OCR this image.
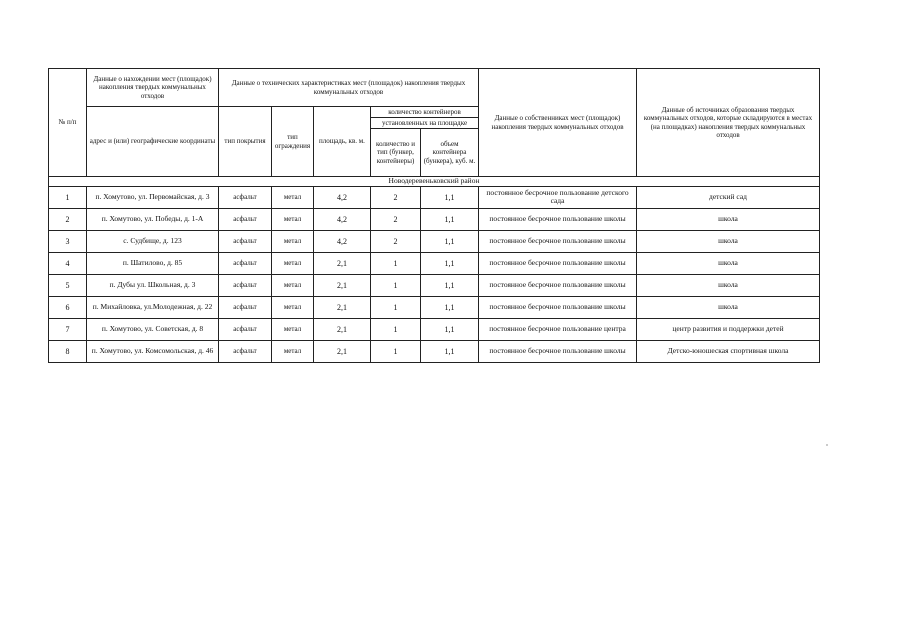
№ п/п	Данные о нахождении мест (площадок) накопления твердых коммунальных отходов	Данные о технических характеристиках мест (площадок) накопления твердых коммунальных отходов					Данные о собственниках мест (площадок) накопления твердых коммунальных отходов	Данные об источниках образования твердых коммунальных отходов, которые складируются в местах (на площадках) накопления твердых коммунальных отходов
	адрес и (или) географические координаты	тип покрытия	тип ограждения	площадь, кв. м.	количество контейнеров			
					установленных на площадке			
					количество и тип (бункер, контейнеры)	объем контейнера (бункера), куб. м.		
Новодеревеньковский район								
1	п. Хомутово, ул. Первомайская, д. 3	асфальт	метал	4,2	2	1,1	постоянное бесрочное пользование детского сада	детский сад
2	п. Хомутово, ул. Победы, д. 1-А	асфальт	метал	4,2	2	1,1	постоянное бесрочное пользование школы	школа
3	с. Судбище, д. 123	асфальт	метал	4,2	2	1,1	постоянное бесрочное пользование школы	школа
4	п. Шатилово, д. 85	асфальт	метал	2,1	1	1,1	постоянное бесрочное пользование школы	школа
5	п. Дубы ул. Школьная, д. 3	асфальт	метал	2,1	1	1,1	постоянное бесрочное пользование школы	школа
6	п. Михайловка, ул.Молодежная, д. 22	асфальт	метал	2,1	1	1,1	постоянное бесрочное пользование школы	школа
7	п. Хомутово, ул. Советская, д. 8	асфальт	метал	2,1	1	1,1	постоянное бесрочное пользование центра	центр развития и поддержки детей
8	п. Хомутово, ул. Комсомольская, д. 46	асфальт	метал	2,1	1	1,1	постоянное бесрочное пользование школы	Детско-юношеская спортивная школа
